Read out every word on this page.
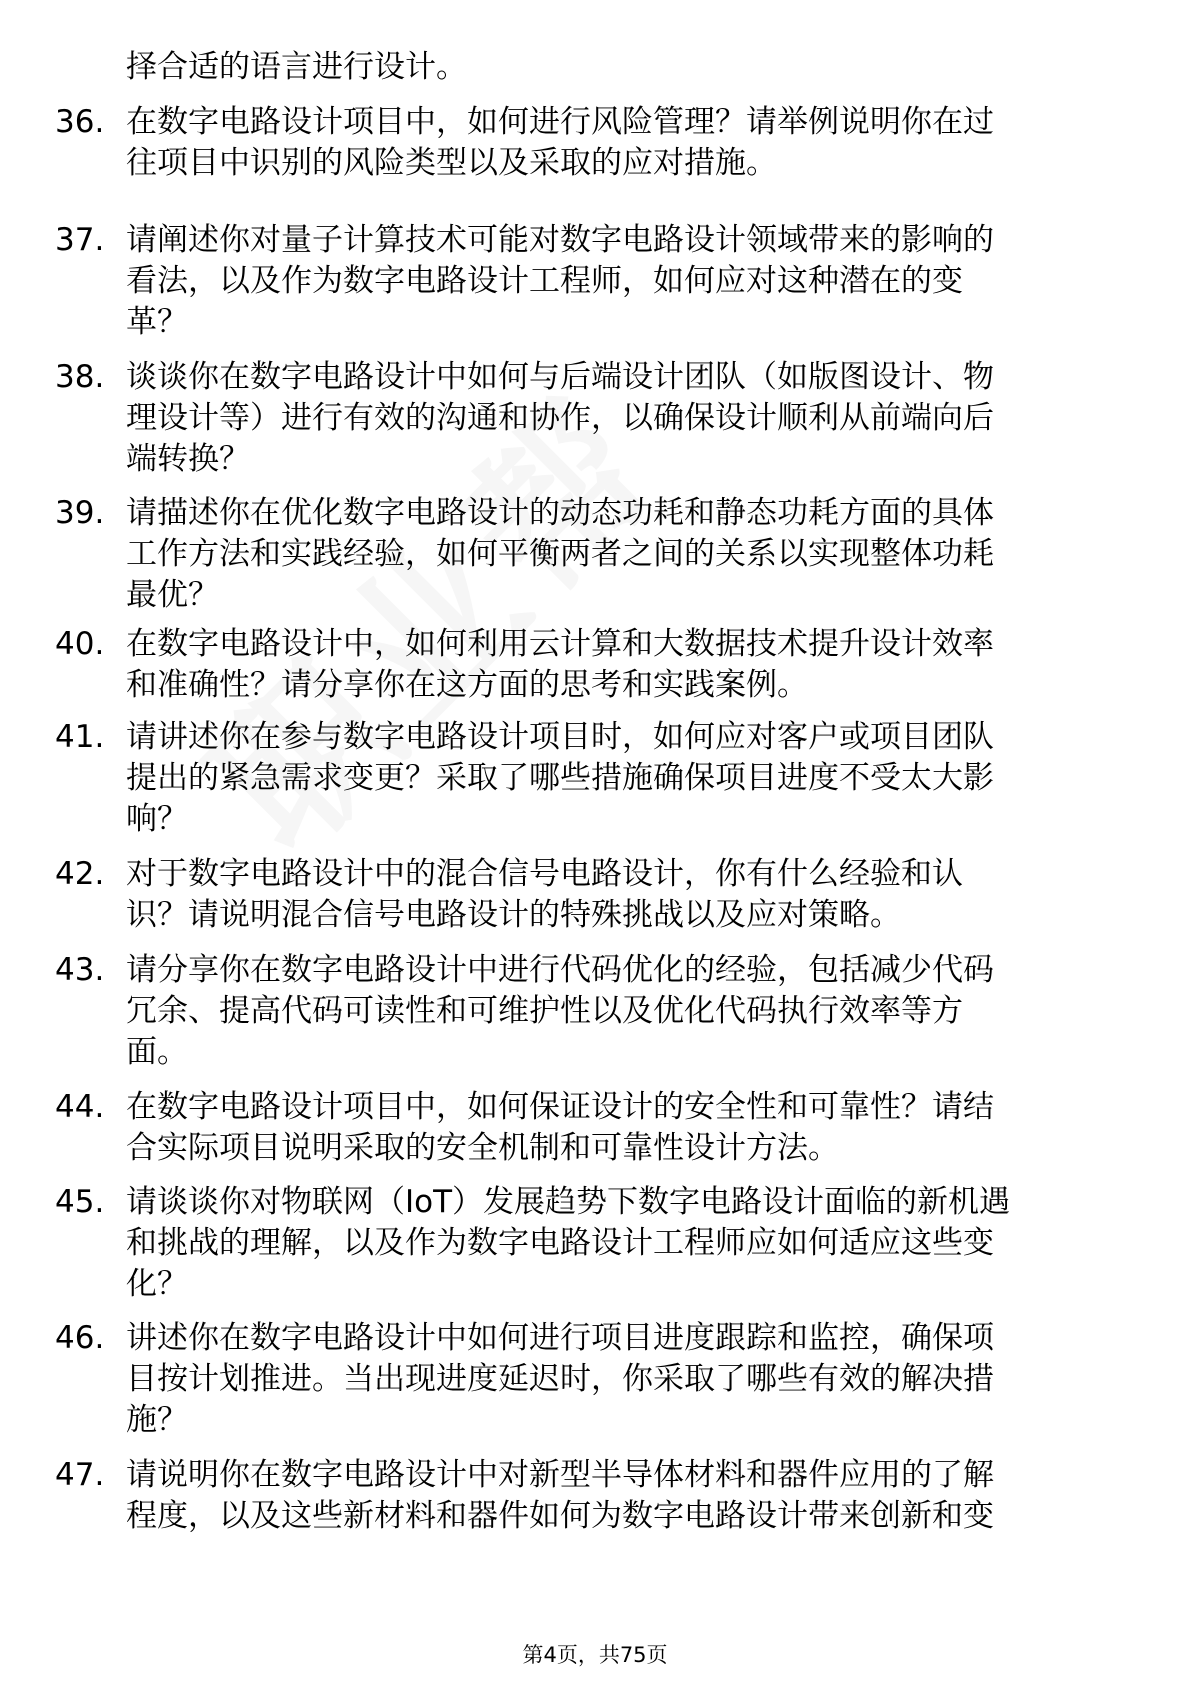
择合适的语言进行设计。
36. 在数字电路设计项目中，如何进行风险管理？请举例说明你在过
往项目中识别的风险类型以及采取的应对措施。
37. 请阐述你对量子计算技术可能对数字电路设计领域带来的影响的
看法，以及作为数字电路设计工程师，如何应对这种潜在的变
革？
38. 谈谈你在数字电路设计中如何与后端设计团队（如版图设计、物
理设计等）进行有效的沟通和协作，以确保设计顺利从前端向后
端转换？
39. 请描述你在优化数字电路设计的动态功耗和静态功耗方面的具体
工作方法和实践经验，如何平衡两者之间的关系以实现整体功耗
最优？
40. 在数字电路设计中，如何利用云计算和大数据技术提升设计效率
和准确性？请分享你在这方面的思考和实践案例。
41. 请讲述你在参与数字电路设计项目时，如何应对客户或项目团队
提出的紧急需求变更？采取了哪些措施确保项目进度不受太大影
响？
42. 对于数字电路设计中的混合信号电路设计，你有什么经验和认
识？请说明混合信号电路设计的特殊挑战以及应对策略。
43. 请分享你在数字电路设计中进行代码优化的经验，包括减少代码
冗余、提高代码可读性和可维护性以及优化代码执行效率等方
面。
44. 在数字电路设计项目中，如何保证设计的安全性和可靠性？请结
合实际项目说明采取的安全机制和可靠性设计方法。
45. 请谈谈你对物联网（IoT）发展趋势下数字电路设计面临的新机遇
和挑战的理解，以及作为数字电路设计工程师应如何适应这些变
化？
46. 讲述你在数字电路设计中如何进行项目进度跟踪和监控，确保项
目按计划推进。当出现进度延迟时，你采取了哪些有效的解决措
施？
47. 请说明你在数字电路设计中对新型半导体材料和器件应用的了解
程度，以及这些新材料和器件如何为数字电路设计带来创新和变
第4页，共75页
